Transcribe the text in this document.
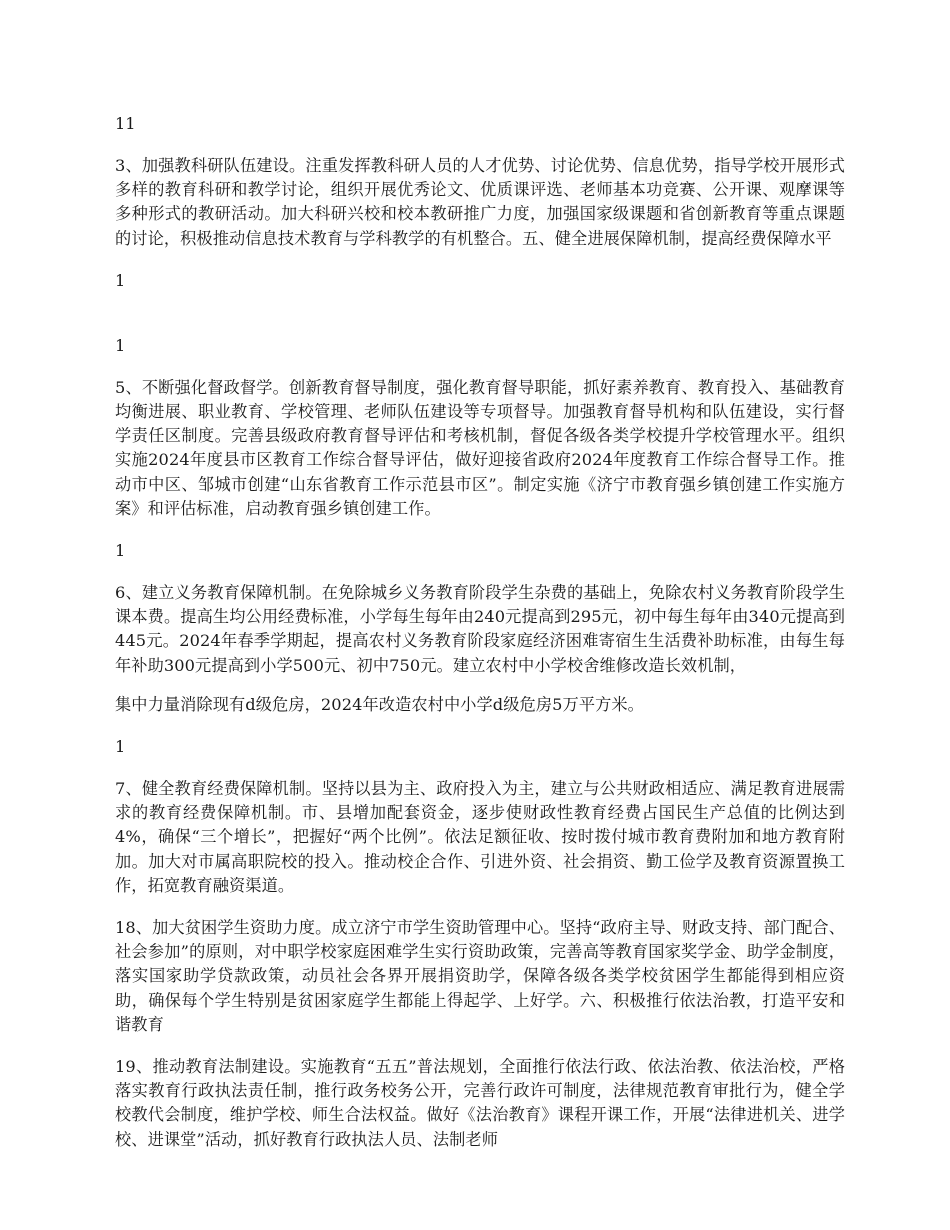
11

3、加强教科研队伍建设。注重发挥教科研人员的人才优势、讨论优势、信息优势，指导学校开展形式多样的教育科研和教学讨论，组织开展优秀论文、优质课评选、老师基本功竞赛、公开课、观摩课等多种形式的教研活动。加大科研兴校和校本教研推广力度，加强国家级课题和省创新教育等重点课题的讨论，积极推动信息技术教育与学科教学的有机整合。五、健全进展保障机制，提高经费保障水平

1

1

5、不断强化督政督学。创新教育督导制度，强化教育督导职能，抓好素养教育、教育投入、基础教育均衡进展、职业教育、学校管理、老师队伍建设等专项督导。加强教育督导机构和队伍建设，实行督学责任区制度。完善县级政府教育督导评估和考核机制，督促各级各类学校提升学校管理水平。组织实施2024年度县市区教育工作综合督导评估，做好迎接省政府2024年度教育工作综合督导工作。推动市中区、邹城市创建“山东省教育工作示范县市区”。制定实施《济宁市教育强乡镇创建工作实施方案》和评估标准，启动教育强乡镇创建工作。

1

6、建立义务教育保障机制。在免除城乡义务教育阶段学生杂费的基础上，免除农村义务教育阶段学生课本费。提高生均公用经费标准，小学每生每年由240元提高到295元，初中每生每年由340元提高到445元。2024年春季学期起，提高农村义务教育阶段家庭经济困难寄宿生生活费补助标准，由每生每年补助300元提高到小学500元、初中750元。建立农村中小学校舍维修改造长效机制，

集中力量消除现有d级危房，2024年改造农村中小学d级危房5万平方米。

1

7、健全教育经费保障机制。坚持以县为主、政府投入为主，建立与公共财政相适应、满足教育进展需求的教育经费保障机制。市、县增加配套资金，逐步使财政性教育经费占国民生产总值的比例达到4%，确保“三个增长”，把握好“两个比例”。依法足额征收、按时拨付城市教育费附加和地方教育附加。加大对市属高职院校的投入。推动校企合作、引进外资、社会捐资、勤工俭学及教育资源置换工作，拓宽教育融资渠道。

18、加大贫困学生资助力度。成立济宁市学生资助管理中心。坚持“政府主导、财政支持、部门配合、社会参加”的原则，对中职学校家庭困难学生实行资助政策，完善高等教育国家奖学金、助学金制度，落实国家助学贷款政策，动员社会各界开展捐资助学，保障各级各类学校贫困学生都能得到相应资助，确保每个学生特别是贫困家庭学生都能上得起学、上好学。六、积极推行依法治教，打造平安和谐教育

19、推动教育法制建设。实施教育“五五”普法规划，全面推行依法行政、依法治教、依法治校，严格落实教育行政执法责任制，推行政务校务公开，完善行政许可制度，法律规范教育审批行为，健全学校教代会制度，维护学校、师生合法权益。做好《法治教育》课程开课工作，开展“法律进机关、进学校、进课堂”活动，抓好教育行政执法人员、法制老师
